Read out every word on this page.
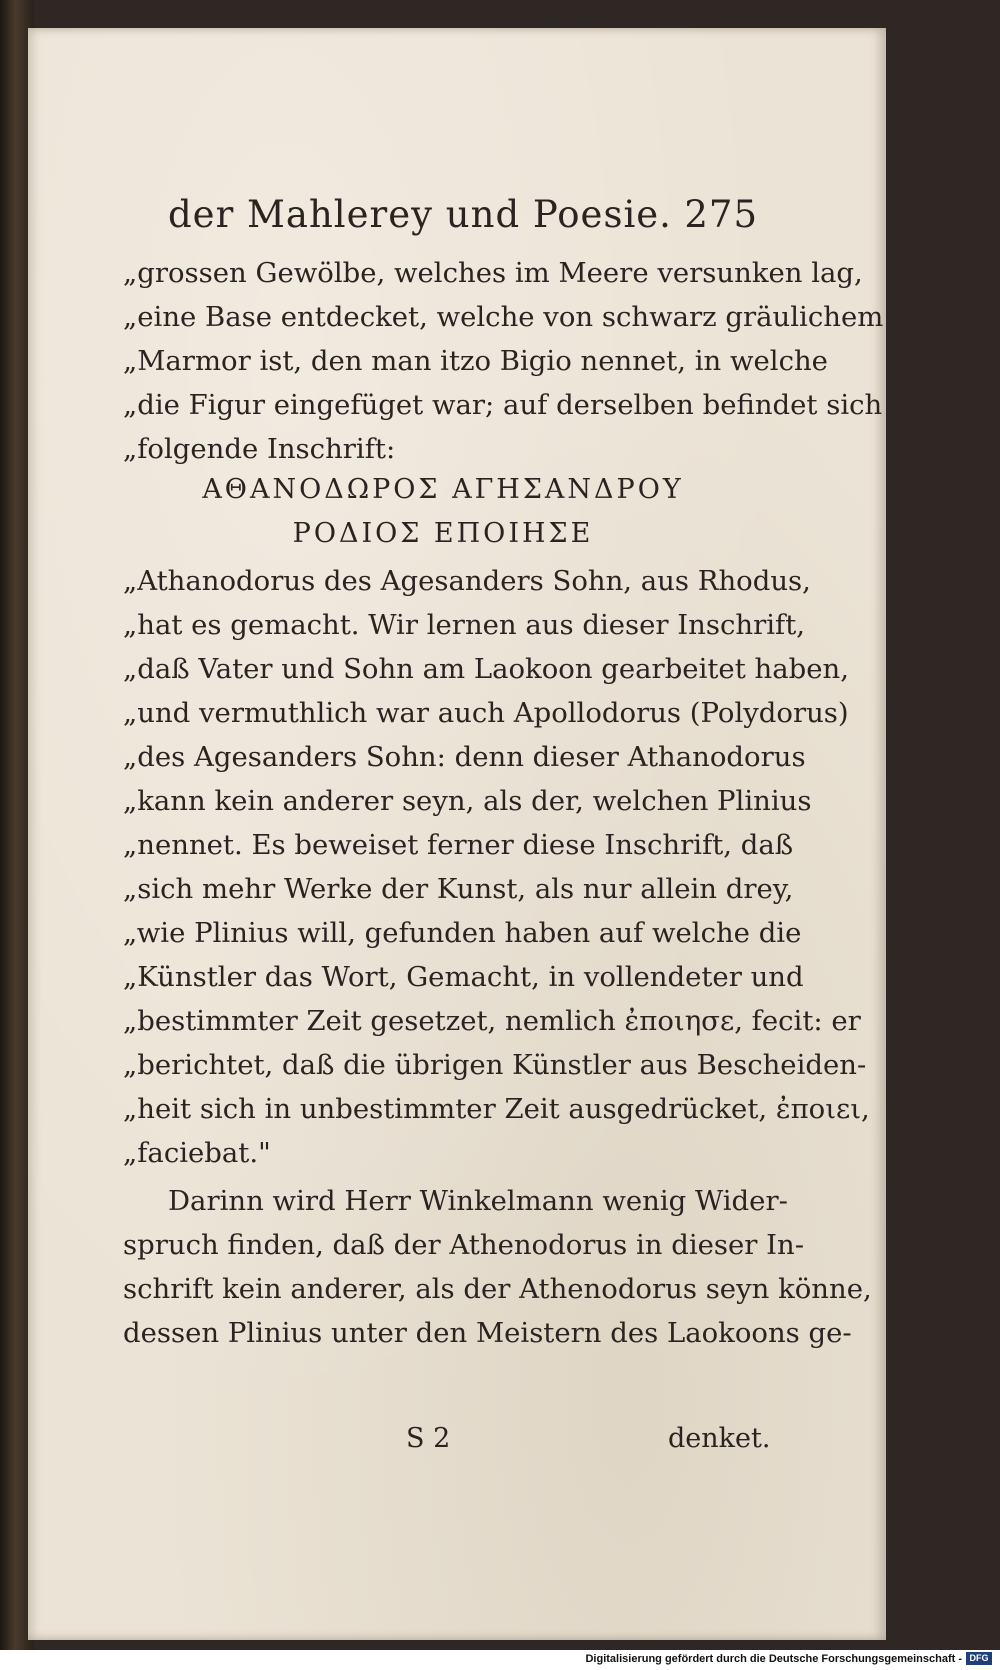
der Mahlerey und Poesie. 275
„grossen Gewölbe, welches im Meere versunken lag,
„eine Base entdecket, welche von schwarz gräulichem
„Marmor ist, den man itzo Bigio nennet, in welche
„die Figur eingefüget war; auf derselben befindet sich
„folgende Inschrift:
ΑΘΑΝΟΔΩΡΟΣ ΑΓΗΣΑΝΔΡΟΥ
ΡΟΔΙΟΣ ΕΠΟΙΗΣΕ
„Athanodorus des Agesanders Sohn, aus Rhodus,
„hat es gemacht. Wir lernen aus dieser Inschrift,
„daß Vater und Sohn am Laokoon gearbeitet haben,
„und vermuthlich war auch Apollodorus (Polydorus)
„des Agesanders Sohn: denn dieser Athanodorus
„kann kein anderer seyn, als der, welchen Plinius
„nennet. Es beweiset ferner diese Inschrift, daß
„sich mehr Werke der Kunst, als nur allein drey,
„wie Plinius will, gefunden haben auf welche die
„Künstler das Wort, Gemacht, in vollendeter und
„bestimmter Zeit gesetzet, nemlich ἐποιησε, fecit: er
„berichtet, daß die übrigen Künstler aus Bescheiden-
„heit sich in unbestimmter Zeit ausgedrücket, ἐποιει,
„faciebat."
Darinn wird Herr Winkelmann wenig Wider-
spruch finden, daß der Athenodorus in dieser In-
schrift kein anderer, als der Athenodorus seyn könne,
dessen Plinius unter den Meistern des Laokoons ge-
S 2	denket.
Digitalisierung gefördert durch die Deutsche Forschungsgemeinschaft - DFG
